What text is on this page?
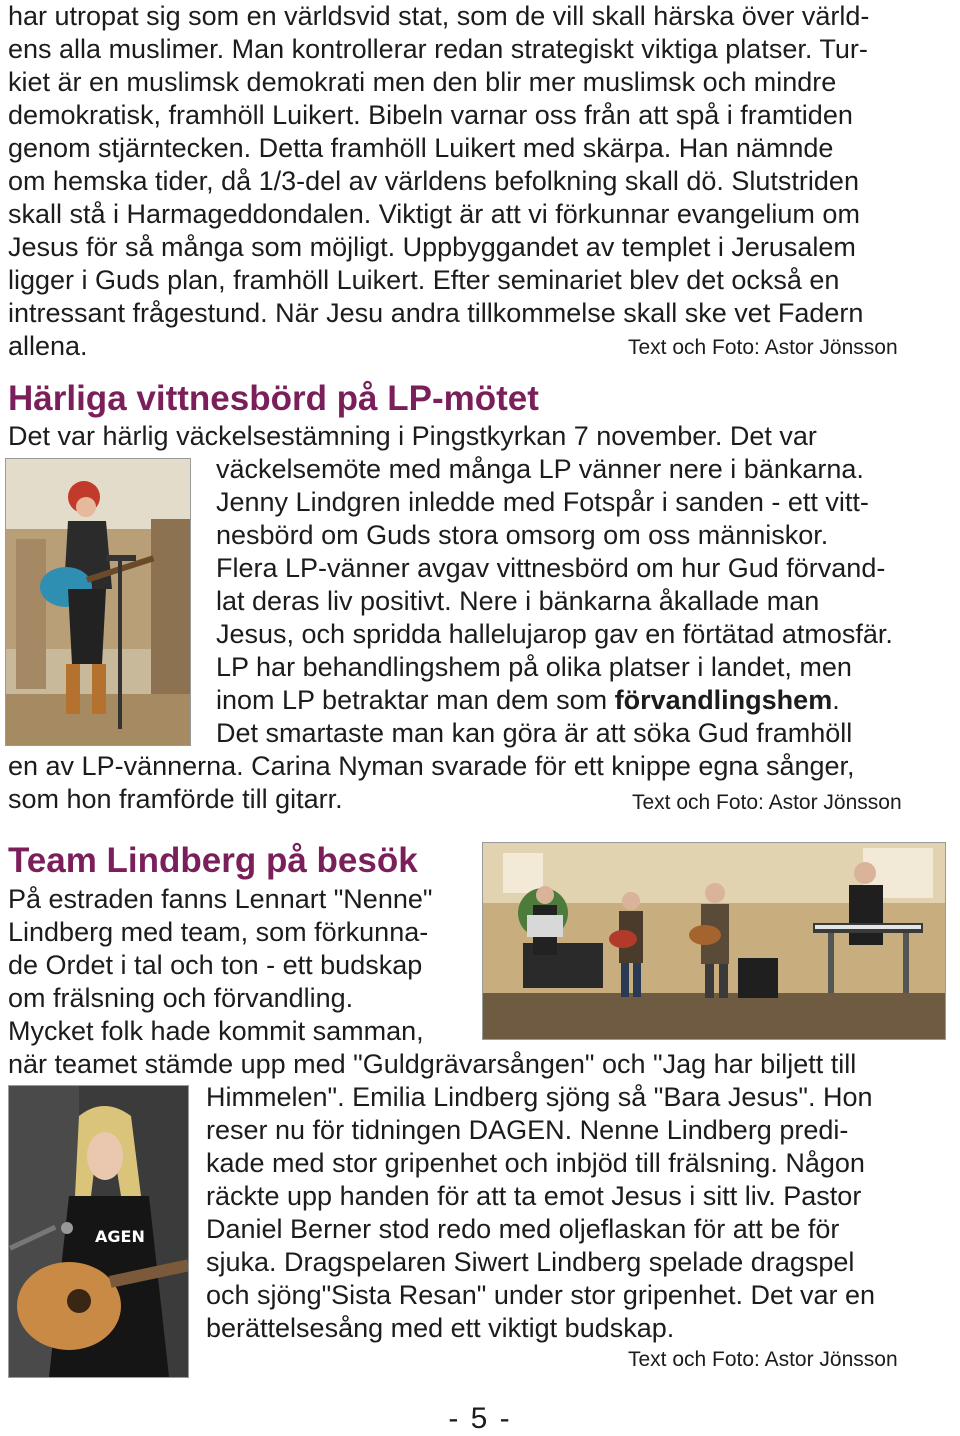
har utropat sig som en världsvid stat, som de vill skall härska över värld-
ens alla muslimer. Man kontrollerar redan strategiskt viktiga platser. Tur-
kiet är en muslimsk demokrati men den blir mer muslimsk och mindre
demokratisk, framhöll Luikert. Bibeln varnar oss från att spå i framtiden
genom stjärntecken. Detta framhöll Luikert med skärpa. Han nämnde
om hemska tider, då 1/3-del av världens befolkning skall dö. Slutstriden
skall stå i Harmageddondalen. Viktigt är att vi förkunnar evangelium om
Jesus för så många som möjligt. Uppbyggandet av templet i Jerusalem
ligger i Guds plan, framhöll Luikert. Efter seminariet blev det också en
intressant frågestund. När Jesu andra tillkommelse skall ske vet Fadern
allena.	Text och Foto: Astor Jönsson
Härliga vittnesbörd på LP-mötet
Det var härlig väckelsestämning i Pingstkyrkan 7 november. Det var
väckelsemöte med många LP vänner nere i bänkarna.
Jenny Lindgren inledde med Fotspår i sanden - ett vitt-
nesbörd om Guds stora omsorg om oss människor.
Flera LP-vänner avgav vittnesbörd om hur Gud förvand-
lat deras liv positivt. Nere i bänkarna åkallade man
Jesus, och spridda hallelujarop gav en förtätad atmosfär.
LP har behandlingshem på olika platser i landet, men
inom LP betraktar man dem som förvandlingshem.
Det smartaste man kan göra är att söka Gud framhöll
en av LP-vännerna. Carina Nyman svarade för ett knippe egna sånger,
som hon framförde till gitarr.	Text och Foto: Astor Jönsson
Team Lindberg på besök
På estraden fanns Lennart "Nenne"
Lindberg med team, som förkunna-
de Ordet i tal och ton - ett budskap
om frälsning och förvandling.
Mycket folk hade kommit samman,
när teamet stämde upp med "Guldgrävarsången" och "Jag har biljett till
AGEN
Himmelen". Emilia Lindberg sjöng så "Bara Jesus". Hon
reser nu för tidningen DAGEN. Nenne Lindberg predi-
kade med stor gripenhet och inbjöd till frälsning. Någon
räckte upp handen för att ta emot Jesus i sitt liv. Pastor
Daniel Berner stod redo med oljeflaskan för att be för
sjuka. Dragspelaren Siwert Lindberg spelade dragspel
och sjöng"Sista Resan" under stor gripenhet. Det var en
berättelsesång med ett viktigt budskap.
Text och Foto: Astor Jönsson
- 5 -
